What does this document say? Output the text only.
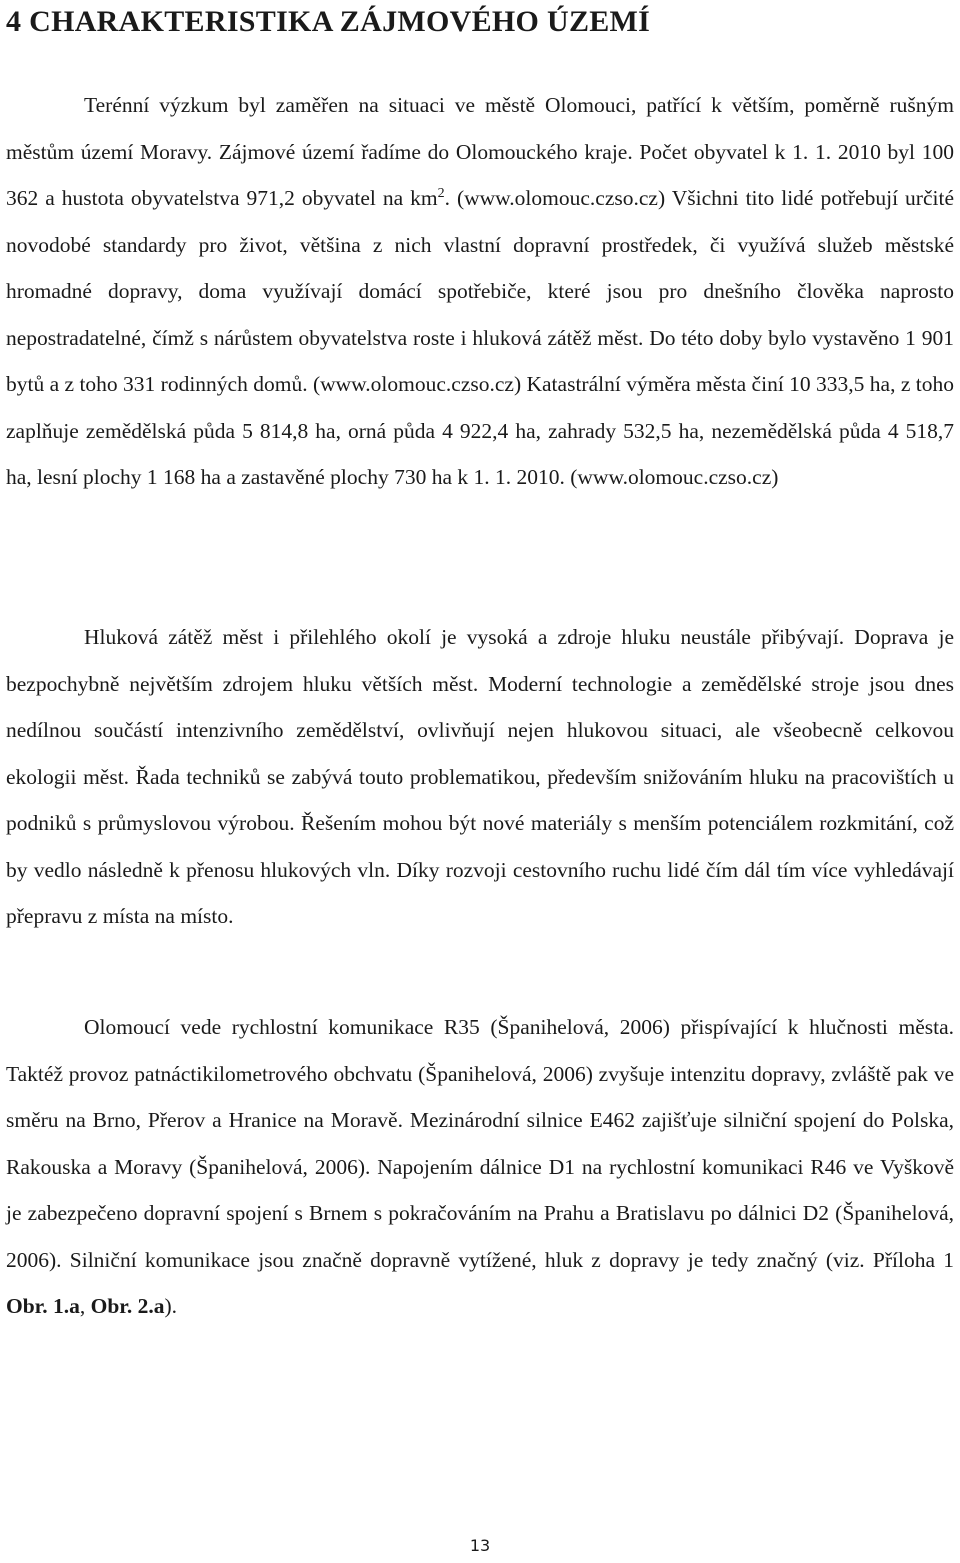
4 CHARAKTERISTIKA ZÁJMOVÉHO ÚZEMÍ

Terénní výzkum byl zaměřen na situaci ve městě Olomouci, patřící k větším, poměrně rušným městům území Moravy. Zájmové území řadíme do Olomouckého kraje. Počet obyvatel k 1. 1. 2010 byl 100 362 a hustota obyvatelstva 971,2 obyvatel na $km^2$. (www.olomouc.czso.cz) Všichni tito lidé potřebují určité novodobé standardy pro život, většina z nich vlastní dopravní prostředek, či využívá služeb městské hromadné dopravy, doma využívají domácí spotřebiče, které jsou pro dnešního člověka naprosto nepostradatelné, čímž s nárůstem obyvatelstva roste i hluková zátěž měst. Do této doby bylo vystavěno 1 901 bytů a z toho 331 rodinných domů. (www.olomouc.czso.cz) Katastrální výměra města činí 10 333,5 ha, z toho zaplňuje zemědělská půda 5 814,8 ha, orná půda 4 922,4 ha, zahrady 532,5 ha, nezemědělská půda 4 518,7 ha, lesní plochy 1 168 ha a zastavěné plochy 730 ha k 1. 1. 2010. (www.olomouc.czso.cz)

Hluková zátěž měst i přilehlého okolí je vysoká a zdroje hluku neustále přibývají. Doprava je bezpochybně největším zdrojem hluku větších měst. Moderní technologie a zemědělské stroje jsou dnes nedílnou součástí intenzivního zemědělství, ovlivňují nejen hlukovou situaci, ale všeobecně celkovou ekologii měst. Řada techniků se zabývá touto problematikou, především snižováním hluku na pracovištích u podniků s průmyslovou výrobou. Řešením mohou být nové materiály s menším potenciálem rozkmitání, což by vedlo následně k přenosu hlukových vln. Díky rozvoji cestovního ruchu lidé čím dál tím více vyhledávají přepravu z místa na místo.

Olomoucí vede rychlostní komunikace R35 (Španihelová, 2006) přispívající k hlučnosti města. Taktéž provoz patnáctikilometrového obchvatu (Španihelová, 2006) zvyšuje intenzitu dopravy, zvláště pak ve směru na Brno, Přerov a Hranice na Moravě. Mezinárodní silnice E462 zajišťuje silniční spojení do Polska, Rakouska a Moravy (Španihelová, 2006). Napojením dálnice D1 na rychlostní komunikaci R46 ve Vyškově je zabezpečeno dopravní spojení s Brnem s pokračováním na Prahu a Bratislavu po dálnici D2 (Španihelová, 2006). Silniční komunikace jsou značně dopravně vytížené, hluk z dopravy je tedy značný (viz. Příloha 1 Obr. 1.a, Obr. 2.a).

13
